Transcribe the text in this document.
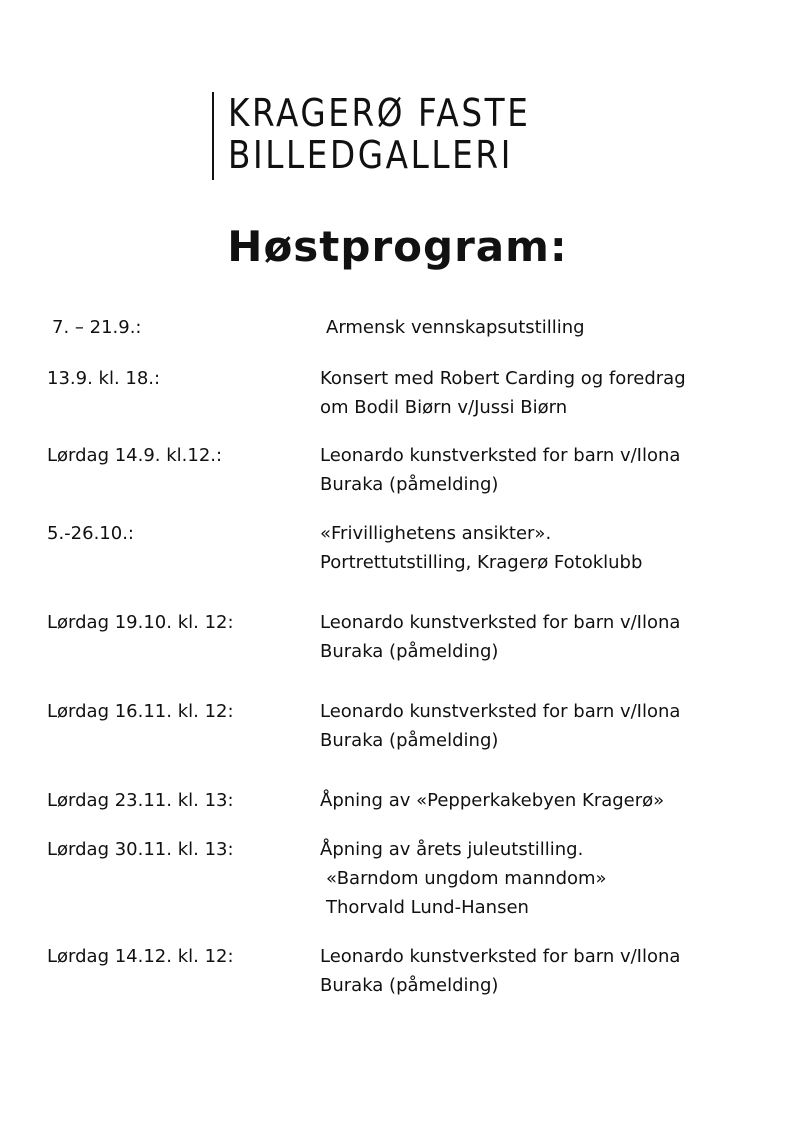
KRAGERØ FASTE
BILLEDGALLERI
Høstprogram:
7. – 21.9.:	Armensk vennskapsutstilling
13.9. kl. 18.:	Konsert med Robert Carding og foredrag
om Bodil Biørn v/Jussi Biørn
Lørdag 14.9. kl.12.:	Leonardo kunstverksted for barn v/Ilona
Buraka (påmelding)
5.-26.10.:	«Frivillighetens ansikter».
Portrettutstilling, Kragerø Fotoklubb
Lørdag 19.10. kl. 12:	Leonardo kunstverksted for barn v/Ilona
Buraka (påmelding)
Lørdag 16.11. kl. 12:	Leonardo kunstverksted for barn v/Ilona
Buraka (påmelding)
Lørdag 23.11. kl. 13:	Åpning av «Pepperkakebyen Kragerø»
Lørdag 30.11. kl. 13:	Åpning av årets juleutstilling.
«Barndom ungdom manndom»
Thorvald Lund-Hansen
Lørdag 14.12. kl. 12:	Leonardo kunstverksted for barn v/Ilona
Buraka (påmelding)
